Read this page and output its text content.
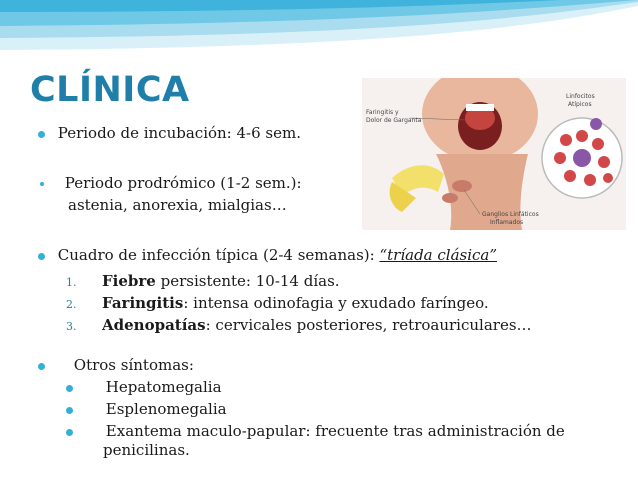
CLÍNICA
Periodo de incubación: 4-6 sem.
Periodo prodrómico (1-2 sem.):
astenia, anorexia, mialgias…
Cuadro de infección típica (2-4 semanas): “tríada clásica”
1. Fiebre persistente: 10-14 días.
2. Faringitis: intensa odinofagia y exudado faríngeo.
3. Adenopatías: cervicales posteriores, retroauriculares…
Otros síntomas:
Hepatomegalia
Esplenomegalia
Exantema maculo-papular: frecuente tras administración de
penicilinas.
Faringitis y
Dolor de Garganta
Linfocitos
Atípicos
Ganglios Linfáticos
Inflamados
